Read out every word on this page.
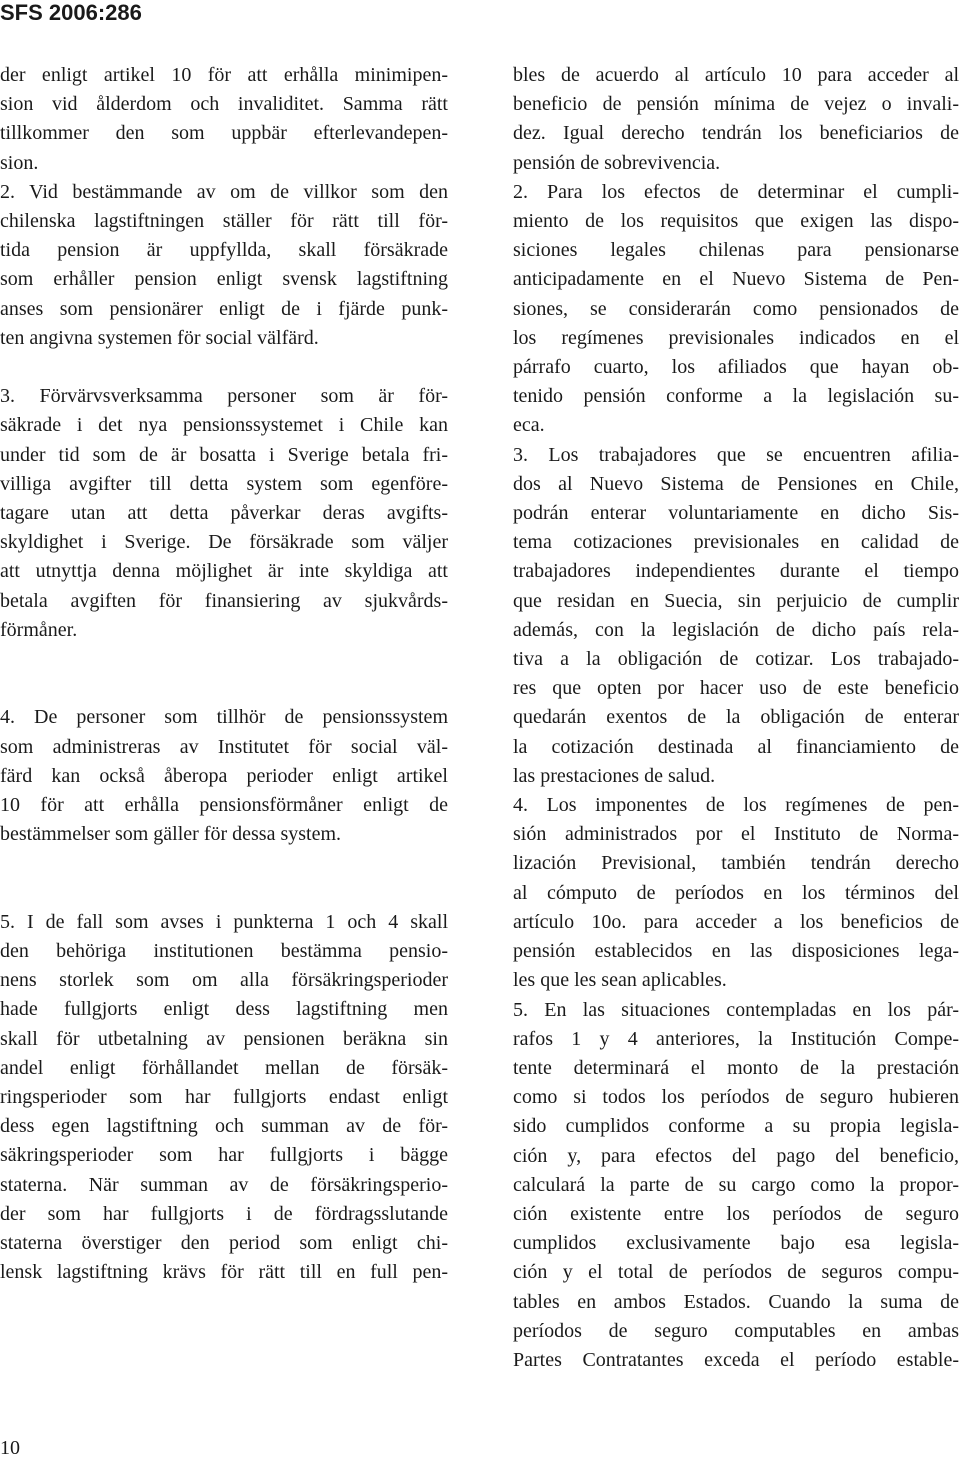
SFS 2006:286
der enligt artikel 10 för att erhålla minimipen-
sion vid ålderdom och invaliditet. Samma rätt
tillkommer den som uppbär efterlevandepen-
sion.
2. Vid bestämmande av om de villkor som den
chilenska lagstiftningen ställer för rätt till för-
tida pension är uppfyllda, skall försäkrade
som erhåller pension enligt svensk lagstiftning
anses som pensionärer enligt de i fjärde punk-
ten angivna systemen för social välfärd.
3. Förvärvsverksamma personer som är för-
säkrade i det nya pensionssystemet i Chile kan
under tid som de är bosatta i Sverige betala fri-
villiga avgifter till detta system som egenföre-
tagare utan att detta påverkar deras avgifts-
skyldighet i Sverige. De försäkrade som väljer
att utnyttja denna möjlighet är inte skyldiga att
betala avgiften för finansiering av sjukvårds-
förmåner.
4. De personer som tillhör de pensionssystem
som administreras av Institutet för social väl-
färd kan också åberopa perioder enligt artikel
10 för att erhålla pensionsförmåner enligt de
bestämmelser som gäller för dessa system.
5. I de fall som avses i punkterna 1 och 4 skall
den behöriga institutionen bestämma pensio-
nens storlek som om alla försäkringsperioder
hade fullgjorts enligt dess lagstiftning men
skall för utbetalning av pensionen beräkna sin
andel enligt förhållandet mellan de försäk-
ringsperioder som har fullgjorts endast enligt
dess egen lagstiftning och summan av de för-
säkringsperioder som har fullgjorts i bägge
staterna. När summan av de försäkringsperio-
der som har fullgjorts i de fördragsslutande
staterna överstiger den period som enligt chi-
lensk lagstiftning krävs för rätt till en full pen-
bles de acuerdo al artículo 10 para acceder al
beneficio de pensión mínima de vejez o invali-
dez. Igual derecho tendrán los beneficiarios de
pensión de sobrevivencia.
2. Para los efectos de determinar el cumpli-
miento de los requisitos que exigen las dispo-
siciones legales chilenas para pensionarse
anticipadamente en el Nuevo Sistema de Pen-
siones, se considerarán como pensionados de
los regímenes previsionales indicados en el
párrafo cuarto, los afiliados que hayan ob-
tenido pensión conforme a la legislación su-
eca.
3. Los trabajadores que se encuentren afilia-
dos al Nuevo Sistema de Pensiones en Chile,
podrán enterar voluntariamente en dicho Sis-
tema cotizaciones previsionales en calidad de
trabajadores independientes durante el tiempo
que residan en Suecia, sin perjuicio de cumplir
además, con la legislación de dicho país rela-
tiva a la obligación de cotizar. Los trabajado-
res que opten por hacer uso de este beneficio
quedarán exentos de la obligación de enterar
la cotización destinada al financiamiento de
las prestaciones de salud.
4. Los imponentes de los regímenes de pen-
sión administrados por el Instituto de Norma-
lización Previsional, también tendrán derecho
al cómputo de períodos en los términos del
artículo 10o. para acceder a los beneficios de
pensión establecidos en las disposiciones lega-
les que les sean aplicables.
5. En las situaciones contempladas en los pár-
rafos 1 y 4 anteriores, la Institución Compe-
tente determinará el monto de la prestación
como si todos los períodos de seguro hubieren
sido cumplidos conforme a su propia legisla-
ción y, para efectos del pago del beneficio,
calculará la parte de su cargo como la propor-
ción existente entre los períodos de seguro
cumplidos exclusivamente bajo esa legisla-
ción y el total de períodos de seguros compu-
tables en ambos Estados. Cuando la suma de
períodos de seguro computables en ambas
Partes Contratantes exceda el período estable-
10
